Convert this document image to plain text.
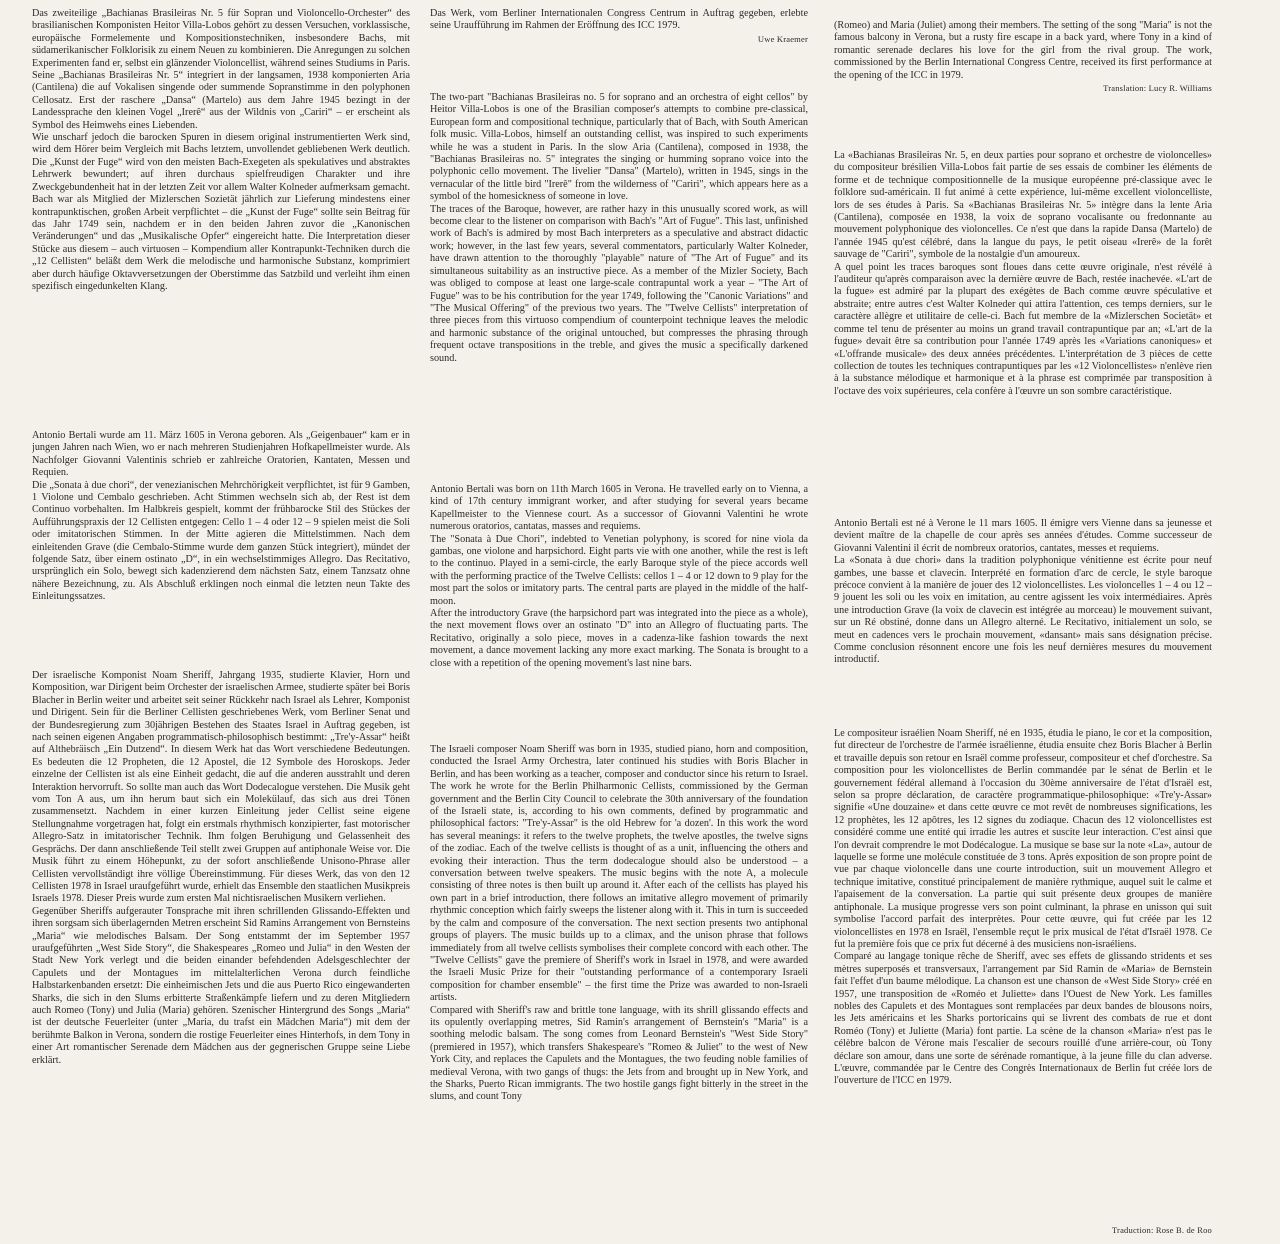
Das zweiteilige „Bachianas Brasileiras Nr. 5 für Sopran und Violoncello-Orchester“ des brasilianischen Komponisten Heitor Villa-Lobos gehört zu dessen Versuchen, vorklassische, europäische Formelemente und Kompositionstechniken, insbesondere Bachs, mit südamerikanischer Folklorisik zu einem Neuen zu kombinieren. Die Anregungen zu solchen Experimenten fand er, selbst ein glänzender Violoncellist, während seines Studiums in Paris. Seine „Bachianas Brasileiras Nr. 5“ integriert in der langsamen, 1938 komponierten Aria (Cantilena) die auf Vokalisen singende oder summende Sopranstimme in den polyphonen Cellosatz. Erst der raschere „Dansa“ (Martelo) aus dem Jahre 1945 bezingt in der Landessprache den kleinen Vogel „Irerê“ aus der Wildnis von „Cariri“ – er erscheint als Symbol des Heimwehs eines Liebenden.

Wie unscharf jedoch die barocken Spuren in diesem original instrumentierten Werk sind, wird dem Hörer beim Vergleich mit Bachs letztem, unvollendet gebliebenen Werk deutlich. Die „Kunst der Fuge“ wird von den meisten Bach-Exegeten als spekulatives und abstraktes Lehrwerk bewundert; auf ihren durchaus spielfreudigen Charakter und ihre Zweckgebundenheit hat in der letzten Zeit vor allem Walter Kolneder aufmerksam gemacht. Bach war als Mitglied der Mizlerschen Sozietät jährlich zur Lieferung mindestens einer kontrapunktischen, großen Arbeit verpflichtet – die „Kunst der Fuge“ sollte sein Beitrag für das Jahr 1749 sein, nachdem er in den beiden Jahren zuvor die „Kanonischen Veränderungen“ und das „Musikalische Opfer“ eingereicht hatte. Die Interpretation dieser Stücke aus diesem – auch virtuosen – Kompendium aller Kontrapunkt-Techniken durch die „12 Cellisten“ beläßt dem Werk die melodische und harmonische Substanz, komprimiert aber durch häufige Oktavversetzungen der Oberstimme das Satzbild und verleiht ihm einen spezifisch eingedunkelten Klang.

Antonio Bertali wurde am 11. März 1605 in Verona geboren. Als „Geigenbauer“ kam er in jungen Jahren nach Wien, wo er nach mehreren Studienjahren Hofkapellmeister wurde. Als Nachfolger Giovanni Valentinis schrieb er zahlreiche Oratorien, Kantaten, Messen und Requien.

Die „Sonata à due chori“, der venezianischen Mehrchörigkeit verpflichtet, ist für 9 Gamben, 1 Violone und Cembalo geschrieben. Acht Stimmen wechseln sich ab, der Rest ist dem Continuo vorbehalten. Im Halbkreis gespielt, kommt der frühbarocke Stil des Stückes der Aufführungspraxis der 12 Cellisten entgegen: Cello 1 – 4 oder 12 – 9 spielen meist die Soli oder imitatorischen Stimmen. In der Mitte agieren die Mittelstimmen. Nach dem einleitenden Grave (die Cembalo-Stimme wurde dem ganzen Stück integriert), mündet der folgende Satz, über einem ostinato „D“, in ein wechselstimmiges Allegro. Das Recitativo, ursprünglich ein Solo, bewegt sich kadenzierend dem nächsten Satz, einem Tanzsatz ohne nähere Bezeichnung, zu. Als Abschluß erklingen noch einmal die letzten neun Takte des Einleitungssatzes.

Der israelische Komponist Noam Sheriff, Jahrgang 1935, studierte Klavier, Horn und Komposition, war Dirigent beim Orchester der israelischen Armee, studierte später bei Boris Blacher in Berlin weiter und arbeitet seit seiner Rückkehr nach Israel als Lehrer, Komponist und Dirigent. Sein für die Berliner Cellisten geschriebenes Werk, vom Berliner Senat und der Bundesregierung zum 30jährigen Bestehen des Staates Israel in Auftrag gegeben, ist nach seinen eigenen Angaben programmatisch-philosophisch bestimmt: „Tre'y-Assar“ heißt auf Althebräisch „Ein Dutzend“. In diesem Werk hat das Wort verschiedene Bedeutungen. Es bedeuten die 12 Propheten, die 12 Apostel, die 12 Symbole des Horoskops. Jeder einzelne der Cellisten ist als eine Einheit gedacht, die auf die anderen ausstrahlt und deren Interaktion hervorruft. So sollte man auch das Wort Dodecalogue verstehen. Die Musik geht vom Ton A aus, um ihn herum baut sich ein Molekülauf, das sich aus drei Tönen zusammensetzt. Nachdem in einer kurzen Einleitung jeder Cellist seine eigene Stellungnahme vorgetragen hat, folgt ein erstmals rhythmisch konzipierter, fast motorischer Allegro-Satz in imitatorischer Technik. Ihm folgen Beruhigung und Gelassenheit des Gesprächs. Der dann anschließende Teil stellt zwei Gruppen auf antiphonale Weise vor. Die Musik führt zu einem Höhepunkt, zu der sofort anschließende Unisono-Phrase aller Cellisten vervollständigt ihre völlige Übereinstimmung. Für dieses Werk, das von den 12 Cellisten 1978 in Israel uraufgeführt wurde, erhielt das Ensemble den staatlichen Musikpreis Israels 1978. Dieser Preis wurde zum ersten Mal nichtisraelischen Musikern verliehen.

Gegenüber Sheriffs aufgerauter Tonsprache mit ihren schrillenden Glissando-Effekten und ihren sorgsam sich überlagernden Metren erscheint Sid Ramins Arrangement von Bernsteins „Maria“ wie melodisches Balsam. Der Song entstammt der im September 1957 uraufgeführten „West Side Story“, die Shakespeares „Romeo und Julia“ in den Westen der Stadt New York verlegt und die beiden einander befehdenden Adelsgeschlechter der Capulets und der Montagues im mittelalterlichen Verona durch feindliche Halbstarkenbanden ersetzt: Die einheimischen Jets und die aus Puerto Rico eingewanderten Sharks, die sich in den Slums erbitterte Straßenkämpfe liefern und zu deren Mitgliedern auch Romeo (Tony) und Julia (Maria) gehören. Szenischer Hintergrund des Songs „Maria“ ist der deutsche Feuerleiter (unter „Maria, du trafst ein Mädchen Maria“) mit dem der berühmte Balkon in Verona, sondern die rostige Feuerleiter eines Hinterhofs, in dem Tony in einer Art romantischer Serenade dem Mädchen aus der gegnerischen Gruppe seine Liebe erklärt.

Das Werk, vom Berliner Internationalen Congress Centrum in Auftrag gegeben, erlebte seine Uraufführung im Rahmen der Eröffnung des ICC 1979.

Uwe Kraemer

The two-part "Bachianas Brasileiras no. 5 for soprano and an orchestra of eight cellos" by Heitor Villa-Lobos is one of the Brasilian composer's attempts to combine pre-classical, European form and compositional technique, particularly that of Bach, with South American folk music. Villa-Lobos, himself an outstanding cellist, was inspired to such experiments while he was a student in Paris. In the slow Aria (Cantilena), composed in 1938, the "Bachianas Brasileiras no. 5" integrates the singing or humming soprano voice into the polyphonic cello movement. The livelier "Dansa" (Martelo), written in 1945, sings in the vernacular of the little bird "Irerê" from the wilderness of "Cariri", which appears here as a symbol of the homesickness of someone in love.

The traces of the Baroque, however, are rather hazy in this unusually scored work, as will become clear to the listener on comparison with Bach's "Art of Fugue". This last, unfinished work of Bach's is admired by most Bach interpreters as a speculative and abstract didactic work; however, in the last few years, several commentators, particularly Walter Kolneder, have drawn attention to the thoroughly "playable" nature of "The Art of Fugue" and its simultaneous suitability as an instructive piece. As a member of the Mizler Society, Bach was obliged to compose at least one large-scale contrapuntal work a year – "The Art of Fugue" was to be his contribution for the year 1749, following the "Canonic Variations" and "The Musical Offering" of the previous two years. The "Twelve Cellists" interpretation of three pieces from this virtuoso compendium of counterpoint technique leaves the melodic and harmonic substance of the original untouched, but compresses the phrasing through frequent octave transpositions in the treble, and gives the music a specifically darkened sound.

Antonio Bertali was born on 11th March 1605 in Verona. He travelled early on to Vienna, a kind of 17th century immigrant worker, and after studying for several years became Kapellmeister to the Viennese court. As a successor of Giovanni Valentini he wrote numerous oratorios, cantatas, masses and requiems.

The "Sonata à Due Chori", indebted to Venetian polyphony, is scored for nine viola da gambas, one violone and harpsichord. Eight parts vie with one another, while the rest is left to the continuo. Played in a semi-circle, the early Baroque style of the piece accords well with the performing practice of the Twelve Cellists: cellos 1 – 4 or 12 down to 9 play for the most part the solos or imitatory parts. The central parts are played in the middle of the half-moon.

After the introductory Grave (the harpsichord part was integrated into the piece as a whole), the next movement flows over an ostinato "D" into an Allegro of fluctuating parts. The Recitativo, originally a solo piece, moves in a cadenza-like fashion towards the next movement, a dance movement lacking any more exact marking. The Sonata is brought to a close with a repetition of the opening movement's last nine bars.

The Israeli composer Noam Sheriff was born in 1935, studied piano, horn and composition, conducted the Israel Army Orchestra, later continued his studies with Boris Blacher in Berlin, and has been working as a teacher, composer and conductor since his return to Israel. The work he wrote for the Berlin Philharmonic Cellists, commissioned by the German government and the Berlin City Council to celebrate the 30th anniversary of the foundation of the Israeli state, is, according to his own comments, defined by programmatic and philosophical factors: "Tre'y-Assar" is the old Hebrew for 'a dozen'. In this work the word has several meanings: it refers to the twelve prophets, the twelve apostles, the twelve signs of the zodiac. Each of the twelve cellists is thought of as a unit, influencing the others and evoking their interaction. Thus the term dodecalogue should also be understood – a conversation between twelve speakers. The music begins with the note A, a molecule consisting of three notes is then built up around it. After each of the cellists has played his own part in a brief introduction, there follows an imitative allegro movement of primarily rhythmic conception which fairly sweeps the listener along with it. This in turn is succeeded by the calm and composure of the conversation. The next section presents two antiphonal groups of players. The music builds up to a climax, and the unison phrase that follows immediately from all twelve cellists symbolises their complete concord with each other. The "Twelve Cellists" gave the premiere of Sheriff's work in Israel in 1978, and were awarded the Israeli Music Prize for their "outstanding performance of a contemporary Israeli composition for chamber ensemble" – the first time the Prize was awarded to non-Israeli artists.

Compared with Sheriff's raw and brittle tone language, with its shrill glissando effects and its opulently overlapping metres, Sid Ramin's arrangement of Bernstein's "Maria" is a soothing melodic balsam. The song comes from Leonard Bernstein's "West Side Story" (premiered in 1957), which transfers Shakespeare's "Romeo & Juliet" to the west of New York City, and replaces the Capulets and the Montagues, the two feuding noble families of medieval Verona, with two gangs of thugs: the Jets from and brought up in New York, and the Sharks, Puerto Rican immigrants. The two hostile gangs fight bitterly in the street in the slums, and count Tony

(Romeo) and Maria (Juliet) among their members. The setting of the song "Maria" is not the famous balcony in Verona, but a rusty fire escape in a back yard, where Tony in a kind of romantic serenade declares his love for the girl from the rival group. The work, commissioned by the Berlin International Congress Centre, received its first performance at the opening of the ICC in 1979.

Translation: Lucy R. Williams

La «Bachianas Brasileiras Nr. 5, en deux parties pour soprano et orchestre de violoncelles» du compositeur brésilien Villa-Lobos fait partie de ses essais de combiner les éléments de forme et de technique compositionnelle de la musique européenne pré-classique avec le folklore sud-américain. Il fut animé à cette expérience, lui-même excellent violoncelliste, lors de ses études à Paris. Sa «Bachianas Brasileiras Nr. 5» intègre dans la lente Aria (Cantilena), composée en 1938, la voix de soprano vocalisante ou fredonnante au mouvement polyphonique des violoncelles. Ce n'est que dans la rapide Dansa (Martelo) de l'année 1945 qu'est célébré, dans la langue du pays, le petit oiseau «Irerê» de la forêt sauvage de "Cariri", symbole de la nostalgie d'un amoureux.

A quel point les traces baroques sont floues dans cette œuvre originale, n'est révélé à l'auditeur qu'après comparaison avec la dernière œuvre de Bach, restée inachevée. «L'art de la fugue» est admiré par la plupart des exégètes de Bach comme œuvre spéculative et abstraite; entre autres c'est Walter Kolneder qui attira l'attention, ces temps derniers, sur le caractère allègre et utilitaire de celle-ci. Bach fut membre de la «Mizlerschen Societät» et comme tel tenu de présenter au moins un grand travail contrapuntique par an; «L'art de la fugue» devait être sa contribution pour l'année 1749 après les «Variations canoniques» et «L'offrande musicale» des deux années précédentes. L'interprétation de 3 pièces de cette collection de toutes les techniques contrapuntiques par les «12 Violoncellistes» n'enlève rien à la substance mélodique et harmonique et à la phrase est comprimée par transposition à l'octave des voix supérieures, cela confère à l'œuvre un son sombre caractéristique.

Antonio Bertali est né à Verone le 11 mars 1605. Il émigre vers Vienne dans sa jeunesse et devient maître de la chapelle de cour après ses années d'études. Comme successeur de Giovanni Valentini il écrit de nombreux oratorios, cantates, messes et requiems.

La «Sonata à due chori» dans la tradition polyphonique vénitienne est écrite pour neuf gambes, une basse et clavecin. Interprété en formation d'arc de cercle, le style baroque précoce convient à la manière de jouer des 12 violoncellistes. Les violoncelles 1 – 4 ou 12 – 9 jouent les soli ou les voix en imitation, au centre agissent les voix intermédiaires. Après une introduction Grave (la voix de clavecin est intégrée au morceau) le mouvement suivant, sur un Ré obstiné, donne dans un Allegro alterné. Le Recitativo, initialement un solo, se meut en cadences vers le prochain mouvement, «dansant» mais sans désignation précise. Comme conclusion résonnent encore une fois les neuf dernières mesures du mouvement introductif.

Le compositeur israélien Noam Sheriff, né en 1935, étudia le piano, le cor et la composition, fut directeur de l'orchestre de l'armée israélienne, étudia ensuite chez Boris Blacher à Berlin et travaille depuis son retour en Israël comme professeur, compositeur et chef d'orchestre. Sa composition pour les violoncellistes de Berlin commandée par le sénat de Berlin et le gouvernement fédéral allemand à l'occasion du 30ème anniversaire de l'état d'Israël est, selon sa propre déclaration, de caractère programmatique-philosophique: «Tre'y-Assar» signifie «Une douzaine» et dans cette œuvre ce mot revêt de nombreuses significations, les 12 prophètes, les 12 apôtres, les 12 signes du zodiaque. Chacun des 12 violoncellistes est considéré comme une entité qui irradie les autres et suscite leur interaction. C'est ainsi que l'on devrait comprendre le mot Dodécalogue. La musique se base sur la note «La», autour de laquelle se forme une molécule constituée de 3 tons. Après exposition de son propre point de vue par chaque violoncelle dans une courte introduction, suit un mouvement Allegro et technique imitative, constitué principalement de manière rythmique, auquel suit le calme et l'apaisement de la conversation. La partie qui suit présente deux groupes de manière antiphonale. La musique progresse vers son point culminant, la phrase en unisson qui suit symbolise l'accord parfait des interprètes. Pour cette œuvre, qui fut créée par les 12 violoncellistes en 1978 en Israël, l'ensemble reçut le prix musical de l'état d'Israël 1978. Ce fut la première fois que ce prix fut décerné à des musiciens non-israéliens.

Comparé au langage tonique rêche de Sheriff, avec ses effets de glissando stridents et ses mètres superposés et transversaux, l'arrangement par Sid Ramin de «Maria» de Bernstein fait l'effet d'un baume mélodique. La chanson est une chanson de «West Side Story» créé en 1957, une transposition de «Roméo et Juliette» dans l'Ouest de New York. Les familles nobles des Capulets et des Montagues sont remplacées par deux bandes de blousons noirs, les Jets américains et les Sharks portoricains qui se livrent des combats de rue et dont Roméo (Tony) et Juliette (Maria) font partie. La scène de la chanson «Maria» n'est pas le célèbre balcon de Vérone mais l'escalier de secours rouillé d'une arrière-cour, où Tony déclare son amour, dans une sorte de sérénade romantique, à la jeune fille du clan adverse. L'œuvre, commandée par le Centre des Congrès Internationaux de Berlin fut créée lors de l'ouverture de l'ICC en 1979.

Traduction: Rose B. de Roo
